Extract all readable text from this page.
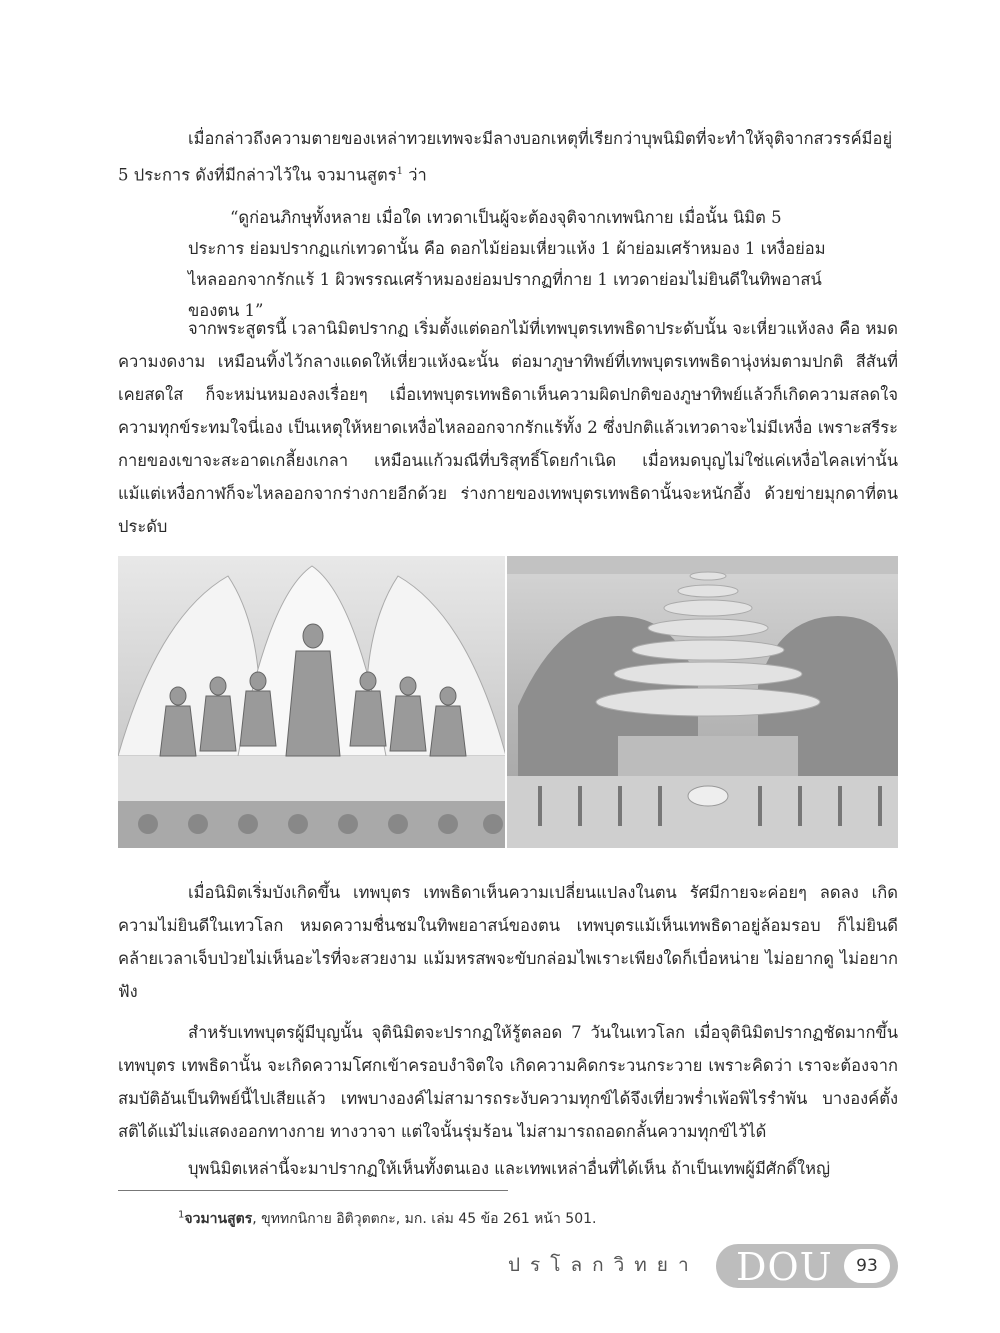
เมื่อกล่าวถึงความตายของเหล่าทวยเทพจะมีลางบอกเหตุที่เรียกว่าบุพนิมิตที่จะทำให้จุติจากสวรรค์มีอยู่ 5 ประการ ดังที่มีกล่าวไว้ใน จวมานสูตร$^1$ ว่า

“ดูก่อนภิกษุทั้งหลาย เมื่อใด เทวดาเป็นผู้จะต้องจุติจากเทพนิกาย เมื่อนั้น นิมิต 5 ประการ ย่อมปรากฏแก่เทวดานั้น คือ ดอกไม้ย่อมเหี่ยวแห้ง 1 ผ้าย่อมเศร้าหมอง 1 เหงื่อย่อมไหลออกจากรักแร้ 1 ผิวพรรณเศร้าหมองย่อมปรากฏที่กาย 1 เทวดาย่อมไม่ยินดีในทิพอาสน์ของตน 1”

จากพระสูตรนี้ เวลานิมิตปรากฏ เริ่มตั้งแต่ดอกไม้ที่เทพบุตรเทพธิดาประดับนั้น จะเหี่ยวแห้งลง คือ หมดความงดงาม เหมือนทิ้งไว้กลางแดดให้เหี่ยวแห้งฉะนั้น ต่อมาภูษาทิพย์ที่เทพบุตรเทพธิดานุ่งห่มตามปกติ สีสันที่เคยสดใส ก็จะหม่นหมองลงเรื่อยๆ เมื่อเทพบุตรเทพธิดาเห็นความผิดปกติของภูษาทิพย์แล้วก็เกิดความสลดใจ ความทุกข์ระทมใจนี่เอง เป็นเหตุให้หยาดเหงื่อไหลออกจากรักแร้ทั้ง 2 ซึ่งปกติแล้วเทวดาจะไม่มีเหงื่อ เพราะสรีระกายของเขาจะสะอาดเกลี้ยงเกลา เหมือนแก้วมณีที่บริสุทธิ์โดยกำเนิด เมื่อหมดบุญไม่ใช่แค่เหงื่อไคลเท่านั้น แม้แต่เหงื่อกาฬก็จะไหลออกจากร่างกายอีกด้วย ร่างกายของเทพบุตรเทพธิดานั้นจะหนักอึ้ง ด้วยข่ายมุกดาที่ตนประดับ

เมื่อนิมิตเริ่มบังเกิดขึ้น เทพบุตร เทพธิดาเห็นความเปลี่ยนแปลงในตน รัศมีกายจะค่อยๆ ลดลง เกิดความไม่ยินดีในเทวโลก หมดความชื่นชมในทิพยอาสน์ของตน เทพบุตรแม้เห็นเทพธิดาอยู่ล้อมรอบ ก็ไม่ยินดี คล้ายเวลาเจ็บป่วยไม่เห็นอะไรที่จะสวยงาม แม้มหรสพจะขับกล่อมไพเราะเพียงใดก็เบื่อหน่าย ไม่อยากดู ไม่อยากฟัง

สำหรับเทพบุตรผู้มีบุญนั้น จุตินิมิตจะปรากฏให้รู้ตลอด 7 วันในเทวโลก เมื่อจุตินิมิตปรากฏชัดมากขึ้น เทพบุตร เทพธิดานั้น จะเกิดความโศกเข้าครอบงำจิตใจ เกิดความคิดกระวนกระวาย เพราะคิดว่า เราจะต้องจากสมบัติอันเป็นทิพย์นี้ไปเสียแล้ว เทพบางองค์ไม่สามารถระงับความทุกข์ได้จึงเที่ยวพร่ำเพ้อพิไรรำพัน บางองค์ตั้งสติได้แม้ไม่แสดงออกทางกาย ทางวาจา แต่ใจนั้นรุ่มร้อน ไม่สามารถถอดกลั้นความทุกข์ไว้ได้

บุพนิมิตเหล่านี้จะมาปรากฏให้เห็นทั้งตนเอง และเทพเหล่าอื่นที่ได้เห็น ถ้าเป็นเทพผู้มีศักดิ์ใหญ่

$^1$จวมานสูตร, ขุททกนิกาย อิติวุตตกะ, มก. เล่ม 45 ข้อ 261 หน้า 501.
ปรโลกวิทยา DOU	93
